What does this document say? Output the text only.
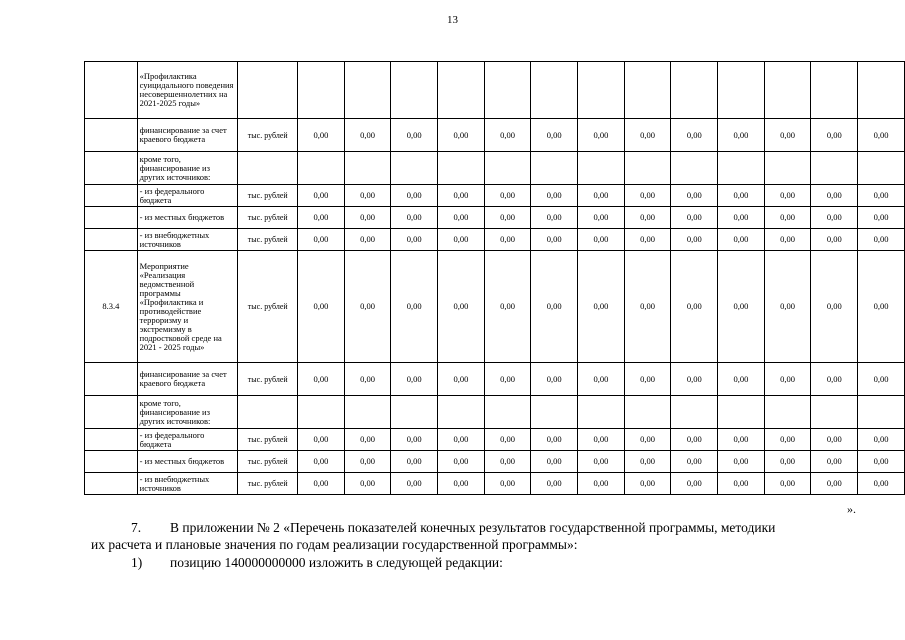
13
	«Профилактика суицидального поведения несовершеннолетних на 2021-2025 годы»														
	финансирование за счет краевого бюджета	тыс. рублей	0,00	0,00	0,00	0,00	0,00	0,00	0,00	0,00	0,00	0,00	0,00	0,00	0,00
	кроме того, финансирование из других источников:														
	- из федерального бюджета	тыс. рублей	0,00	0,00	0,00	0,00	0,00	0,00	0,00	0,00	0,00	0,00	0,00	0,00	0,00
	- из местных бюджетов	тыс. рублей	0,00	0,00	0,00	0,00	0,00	0,00	0,00	0,00	0,00	0,00	0,00	0,00	0,00
	- из внебюджетных источников	тыс. рублей	0,00	0,00	0,00	0,00	0,00	0,00	0,00	0,00	0,00	0,00	0,00	0,00	0,00
8.3.4	Мероприятие «Реализация ведомственной программы «Профилактика и противодействие терроризму и экстремизму в подростковой среде на 2021 - 2025 годы»	тыс. рублей	0,00	0,00	0,00	0,00	0,00	0,00	0,00	0,00	0,00	0,00	0,00	0,00	0,00
	финансирование за счет краевого бюджета	тыс. рублей	0,00	0,00	0,00	0,00	0,00	0,00	0,00	0,00	0,00	0,00	0,00	0,00	0,00
	кроме того, финансирование из других источников:														
	- из федерального бюджета	тыс. рублей	0,00	0,00	0,00	0,00	0,00	0,00	0,00	0,00	0,00	0,00	0,00	0,00	0,00
	- из местных бюджетов	тыс. рублей	0,00	0,00	0,00	0,00	0,00	0,00	0,00	0,00	0,00	0,00	0,00	0,00	0,00
	- из внебюджетных источников	тыс. рублей	0,00	0,00	0,00	0,00	0,00	0,00	0,00	0,00	0,00	0,00	0,00	0,00	0,00
».
7. В приложении № 2 «Перечень показателей конечных результатов государственной программы, методики
их расчета и плановые значения по годам реализации государственной программы»:
1) позицию 140000000000 изложить в следующей редакции:
